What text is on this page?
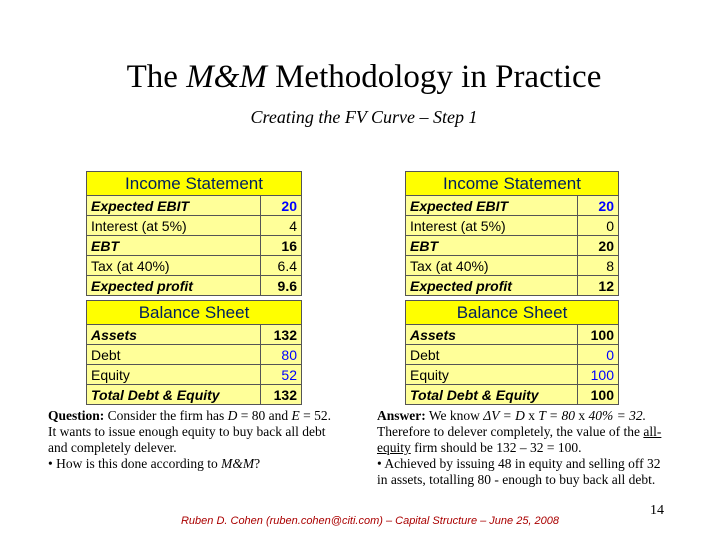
The M&M Methodology in Practice
Creating the FV Curve – Step 1
Income Statement	
Expected EBIT	20
Interest (at 5%)	4
EBT	16
Tax (at 40%)	6.4
Expected profit	9.6

Balance Sheet	
Assets	132
Debt	80
Equity	52
Total Debt & Equity	132
Income Statement	
Expected EBIT	20
Interest (at 5%)	0
EBT	20
Tax (at 40%)	8
Expected profit	12

Balance Sheet	
Assets	100
Debt	0
Equity	100
Total Debt & Equity	100
Question: Consider the firm has D = 80 and E = 52.
It wants to issue enough equity to buy back all debt
and completely delever.
• How is this done according to M&M?
Answer: We know ΔV = D x T = 80 x 40% = 32.
Therefore to delever completely, the value of the all-
equity firm should be 132 – 32 = 100.
• Achieved by issuing 48 in equity and selling off 32
in assets, totalling 80 - enough to buy back all debt.
14
Ruben D. Cohen (ruben.cohen@citi.com) – Capital Structure – June 25, 2008
